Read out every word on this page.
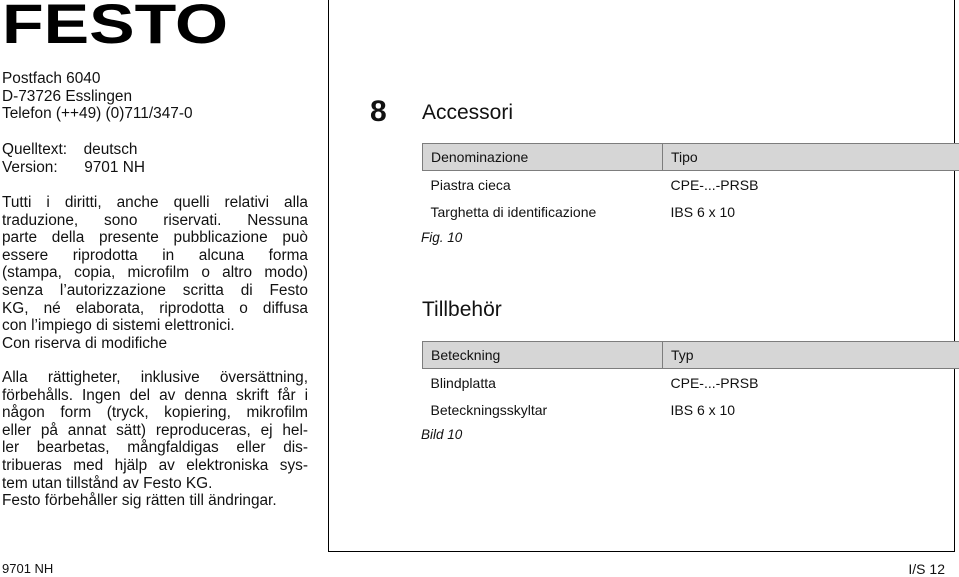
FESTO
Postfach 6040
D-73726 Esslingen
Telefon (++49) (0)711/347-0
Quelltext: deutsch
Version: 9701 NH
Tutti i diritti, anche quelli relativi alla
traduzione, sono riservati. Nessuna
parte della presente pubblicazione può
essere riprodotta in alcuna forma
(stampa, copia, microfilm o altro modo)
senza l’autorizzazione scritta di Festo
KG, né elaborata, riprodotta o diffusa
con l’impiego di sistemi elettronici.
Con riserva di modifiche
Alla rättigheter, inklusive översättning,
förbehålls. Ingen del av denna skrift får i
någon form (tryck, kopiering, mikrofilm
eller på annat sätt) reproduceras, ej hel-
ler bearbetas, mångfaldigas eller dis-
tribueras med hjälp av elektroniska sys-
tem utan tillstånd av Festo KG.
Festo förbehåller sig rätten till ändringar.
8 Accessori
Denominazione	Tipo
Piastra cieca	CPE-...-PRSB
Targhetta di identificazione	IBS 6 x 10
Fig. 10
Tillbehör
Beteckning	Typ
Blindplatta	CPE-...-PRSB
Beteckningsskyltar	IBS 6 x 10
Bild 10
9701 NH	I/S 12
